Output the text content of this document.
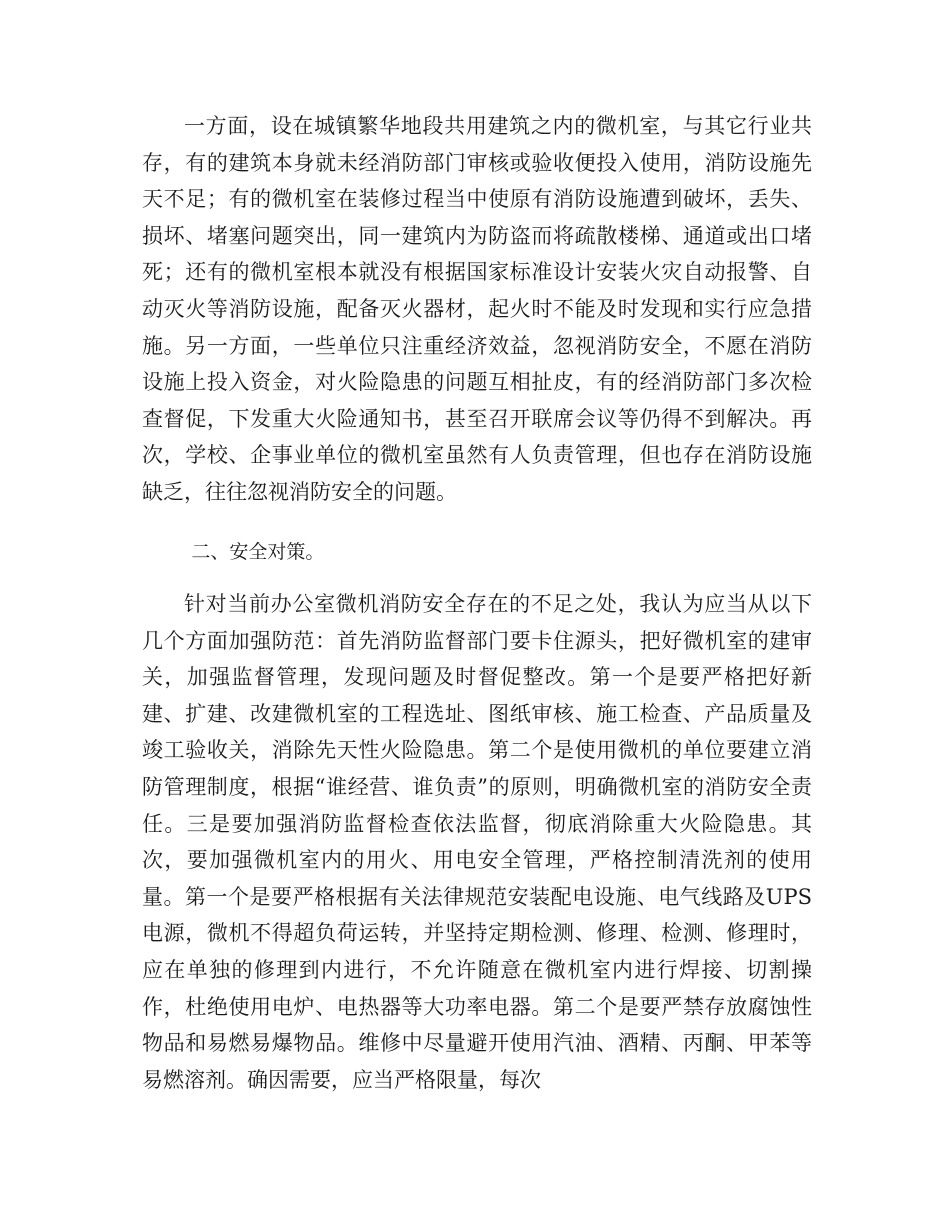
一方面，设在城镇繁华地段共用建筑之内的微机室，与其它行业共存，有的建筑本身就未经消防部门审核或验收便投入使用，消防设施先天不足；有的微机室在装修过程当中使原有消防设施遭到破坏，丢失、损坏、堵塞问题突出，同一建筑内为防盗而将疏散楼梯、通道或出口堵死；还有的微机室根本就没有根据国家标准设计安装火灾自动报警、自动灭火等消防设施，配备灭火器材，起火时不能及时发现和实行应急措施。另一方面，一些单位只注重经济效益，忽视消防安全，不愿在消防设施上投入资金，对火险隐患的问题互相扯皮，有的经消防部门多次检查督促，下发重大火险通知书，甚至召开联席会议等仍得不到解决。再次，学校、企事业单位的微机室虽然有人负责管理，但也存在消防设施缺乏，往往忽视消防安全的问题。

二、安全对策。

针对当前办公室微机消防安全存在的不足之处，我认为应当从以下几个方面加强防范：首先消防监督部门要卡住源头，把好微机室的建审关，加强监督管理，发现问题及时督促整改。第一个是要严格把好新建、扩建、改建微机室的工程选址、图纸审核、施工检查、产品质量及竣工验收关，消除先天性火险隐患。第二个是使用微机的单位要建立消防管理制度，根据“谁经营、谁负责”的原则，明确微机室的消防安全责任。三是要加强消防监督检查依法监督，彻底消除重大火险隐患。其次，要加强微机室内的用火、用电安全管理，严格控制清洗剂的使用量。第一个是要严格根据有关法律规范安装配电设施、电气线路及UPS电源，微机不得超负荷运转，并坚持定期检测、修理、检测、修理时，应在单独的修理到内进行，不允许随意在微机室内进行焊接、切割操作，杜绝使用电炉、电热器等大功率电器。第二个是要严禁存放腐蚀性物品和易燃易爆物品。维修中尽量避开使用汽油、酒精、丙酮、甲苯等易燃溶剂。确因需要，应当严格限量，每次
